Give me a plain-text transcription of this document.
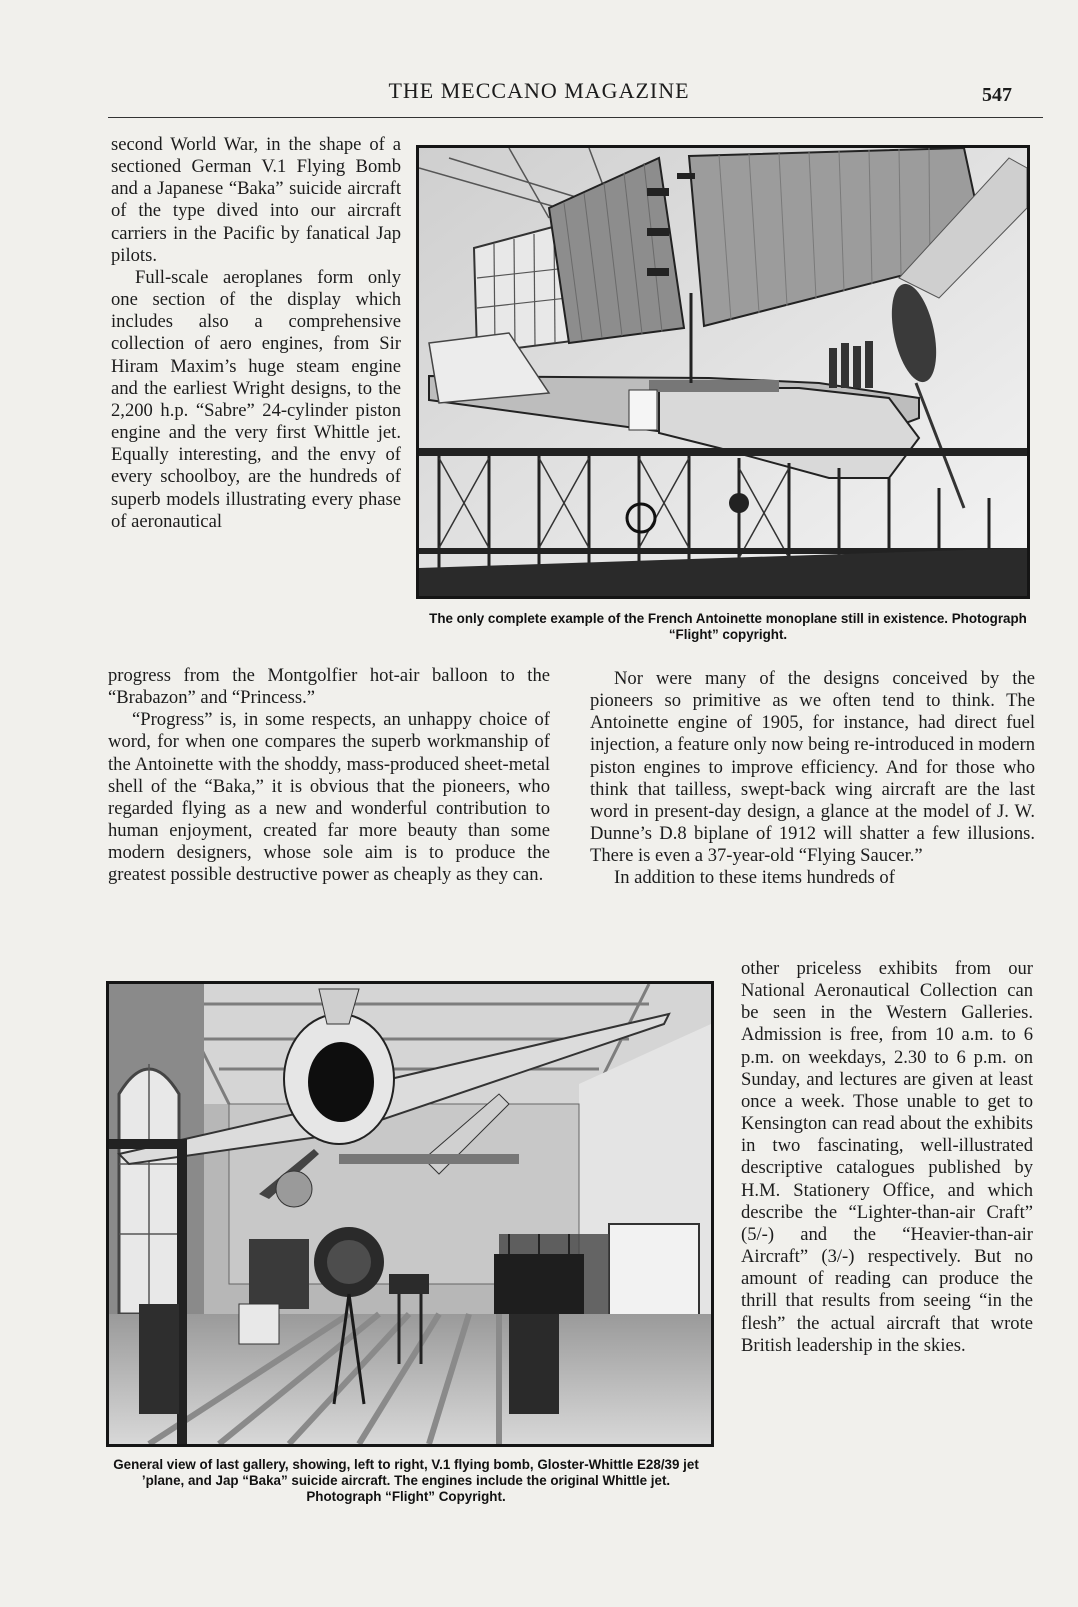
THE MECCANO MAGAZINE	547

second World War, in the shape of a sectioned German V.1 Flying Bomb and a Japanese “Baka” suicide aircraft of the type dived into our aircraft carriers in the Pacific by fanatical Jap pilots.

Full-scale aeroplanes form only one section of the display which includes also a comprehensive collection of aero engines, from Sir Hiram Maxim’s huge steam engine and the earliest Wright designs, to the 2,200 h.p. “Sabre” 24-cylinder piston engine and the very first Whittle jet. Equally interesting, and the envy of every schoolboy, are the hundreds of superb models illustrating every phase of aeronautical

The only complete example of the French Antoinette monoplane still in existence. Photograph “Flight” copyright.

progress from the Montgolfier hot-air balloon to the “Brabazon” and “Princess.”

“Progress” is, in some respects, an unhappy choice of word, for when one compares the superb workmanship of the Antoinette with the shoddy, mass-produced sheet-metal shell of the “Baka,” it is obvious that the pioneers, who regarded flying as a new and wonderful contribution to human enjoyment, created far more beauty than some modern designers, whose sole aim is to produce the greatest possible destructive power as cheaply as they can.

Nor were many of the designs conceived by the pioneers so primitive as we often tend to think. The Antoinette engine of 1905, for instance, had direct fuel injection, a feature only now being re-introduced in modern piston engines to improve efficiency. And for those who think that tailless, swept-back wing aircraft are the last word in present-day design, a glance at the model of J. W. Dunne’s D.8 biplane of 1912 will shatter a few illusions. There is even a 37-year-old “Flying Saucer.”

In addition to these items hundreds of

General view of last gallery, showing, left to right, V.1 flying bomb, Gloster-Whittle E28/39 jet ’plane, and Jap “Baka” suicide aircraft. The engines include the original Whittle jet. Photograph “Flight” Copyright.

other priceless exhibits from our National Aeronautical Collection can be seen in the Western Galleries. Admission is free, from 10 a.m. to 6 p.m. on weekdays, 2.30 to 6 p.m. on Sunday, and lectures are given at least once a week. Those unable to get to Kensington can read about the exhibits in two fascinating, well-illustrated descriptive catalogues published by H.M. Stationery Office, and which describe the “Lighter-than-air Craft” (5/-) and the “Heavier-than-air Aircraft” (3/-) respectively. But no amount of reading can produce the thrill that results from seeing “in the flesh” the actual aircraft that wrote British leadership in the skies.
